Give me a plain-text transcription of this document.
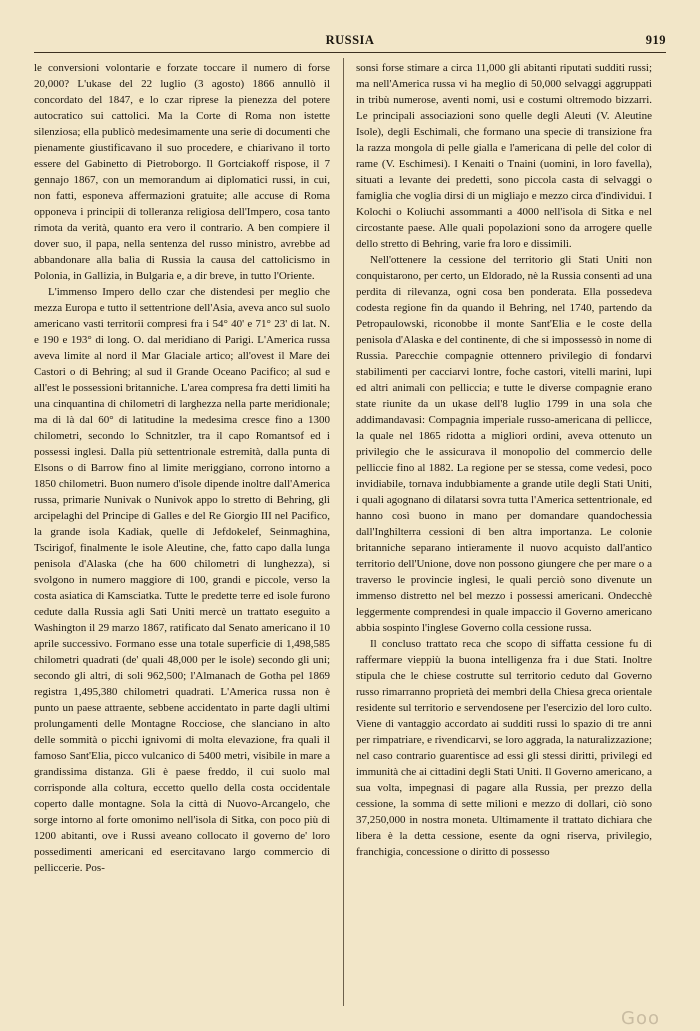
RUSSIA	919

le conversioni volontarie e forzate toccare il numero di forse 20,000? L'ukase del 22 luglio (3 agosto) 1866 annullò il concordato del 1847, e lo czar riprese la pienezza del potere autocratico sui cattolici. Ma la Corte di Roma non istette silenziosa; ella publicò medesimamente una serie di documenti che pienamente giustificavano il suo procedere, e chiarivano il torto essere del Gabinetto di Pietroborgo. Il Gortciakoff rispose, il 7 gennajo 1867, con un memorandum ai diplomatici russi, in cui, non fatti, esponeva affermazioni gratuite; alle accuse di Roma opponeva i principii di tolleranza religiosa dell'Impero, cosa tanto rimota da verità, quanto era vero il contrario. A ben compiere il dover suo, il papa, nella sentenza del russo ministro, avrebbe ad abbandonare alla balìa di Russia la causa del cattolicismo in Polonia, in Gallizia, in Bulgaria e, a dir breve, in tutto l'Oriente.

L'immenso Impero dello czar che distendesi per meglio che mezza Europa e tutto il settentrione dell'Asia, aveva anco sul suolo americano vasti territorii compresi fra i 54° 40' e 71° 23' di lat. N. e 190 e 193° di long. O. dal meridiano di Parigi. L'America russa aveva limite al nord il Mar Glaciale artico; all'ovest il Mare dei Castori o di Behring; al sud il Grande Oceano Pacifico; al sud e all'est le possessioni britanniche. L'area compresa fra detti limiti ha una cinquantina di chilometri di larghezza nella parte meridionale; ma di là dal 60° di latitudine la medesima cresce fino a 1300 chilometri, secondo lo Schnitzler, tra il capo Romantsof ed i possessi inglesi. Dalla più settentrionale estremità, dalla punta di Elsons o di Barrow fino al limite meriggiano, corrono intorno a 1850 chilometri. Buon numero d'isole dipende inoltre dall'America russa, primarie Nunivak o Nunivok appo lo stretto di Behring, gli arcipelaghi del Principe di Galles e del Re Giorgio III nel Pacifico, la grande isola Kadiak, quelle di Jefdokelef, Seinmaghina, Tscirigof, finalmente le isole Aleutine, che, fatto capo dalla lunga penisola d'Alaska (che ha 600 chilometri di lunghezza), si svolgono in numero maggiore di 100, grandi e piccole, verso la costa asiatica di Kamsciatka. Tutte le predette terre ed isole furono cedute dalla Russia agli Sati Uniti mercè un trattato eseguito a Washington il 29 marzo 1867, ratificato dal Senato americano il 10 aprile successivo. Formano esse una totale superficie di 1,498,585 chilometri quadrati (de' quali 48,000 per le isole) secondo gli uni; secondo gli altri, di soli 962,500; l'Almanach de Gotha pel 1869 registra 1,495,380 chilometri quadrati. L'America russa non è punto un paese attraente, sebbene accidentato in parte dagli ultimi prolungamenti delle Montagne Rocciose, che slanciano in alto delle sommità o picchi ignivomi di molta elevazione, fra quali il famoso Sant'Elia, picco vulcanico di 5400 metri, visibile in mare a grandissima distanza. Gli è paese freddo, il cui suolo mal corrisponde alla coltura, eccetto quello della costa occidentale coperto dalle montagne. Sola la città di Nuovo-Arcangelo, che sorge intorno al forte omonimo nell'isola di Sitka, con poco più di 1200 abitanti, ove i Russi aveano collocato il governo de' loro possedimenti americani ed esercitavano largo commercio di pelliccerie. Pos-

sonsi forse stimare a circa 11,000 gli abitanti riputati sudditi russi; ma nell'America russa vi ha meglio di 50,000 selvaggi aggruppati in tribù numerose, aventi nomi, usi e costumi oltremodo bizzarri. Le principali associazioni sono quelle degli Aleuti (V. Aleutine Isole), degli Eschimali, che formano una specie di transizione fra la razza mongola di pelle gialla e l'americana di pelle del color di rame (V. Eschimesi). I Kenaiti o Tnaini (uomini, in loro favella), situati a levante dei predetti, sono piccola casta di selvaggi o famiglia che voglia dirsi di un migliajo e mezzo circa d'individui. I Kolochi o Koliuchi assommanti a 4000 nell'isola di Sitka e nel circostante paese. Alle quali popolazioni sono da arrogere quelle dello stretto di Behring, varie fra loro e dissimili.

Nell'ottenere la cessione del territorio gli Stati Uniti non conquistarono, per certo, un Eldorado, nè la Russia consentì ad una perdita di rilevanza, ogni cosa ben ponderata. Ella possedeva codesta regione fin da quando il Behring, nel 1740, partendo da Petropaulowski, riconobbe il monte Sant'Elia e le coste della penisola d'Alaska e del continente, di che si impossessò in nome di Russia. Parecchie compagnie ottennero privilegio di fondarvi stabilimenti per cacciarvi lontre, foche castori, vitelli marini, lupi ed altri animali con pelliccia; e tutte le diverse compagnie erano state riunite da un ukase dell'8 luglio 1799 in una sola che addimandavasi: Compagnia imperiale russo-americana di pellicce, la quale nel 1865 ridotta a migliori ordini, aveva ottenuto un privilegio che le assicurava il monopolio del commercio delle pelliccie fino al 1882. La regione per se stessa, come vedesi, poco invidiabile, tornava indubbiamente a grande utile degli Stati Uniti, i quali agognano di dilatarsi sovra tutta l'America settentrionale, ed hanno così buono in mano per domandare quandochessia dall'Inghilterra cessioni di ben altra importanza. Le colonie britanniche separano intieramente il nuovo acquisto dall'antico territorio dell'Unione, dove non possono giungere che per mare o a traverso le provincie inglesi, le quali perciò sono divenute un immenso distretto nel bel mezzo i possessi americani. Ondecchè leggermente comprendesi in quale impaccio il Governo americano abbia sospinto l'inglese Governo colla cessione russa.

Il concluso trattato reca che scopo di siffatta cessione fu di raffermare vieppiù la buona intelligenza fra i due Stati. Inoltre stipula che le chiese costrutte sul territorio ceduto dal Governo russo rimarranno proprietà dei membri della Chiesa greca orientale residente sul territorio e servendosene per l'esercizio del loro culto. Viene di vantaggio accordato ai sudditi russi lo spazio di tre anni per rimpatriare, e rivendicarvi, se loro aggrada, la naturalizzazione; nel caso contrario guarentisce ad essi gli stessi diritti, privilegi ed immunità che ai cittadini degli Stati Uniti. Il Governo americano, a sua volta, impegnasi di pagare alla Russia, per prezzo della cessione, la somma di sette milioni e mezzo di dollari, ciò sono 37,250,000 in nostra moneta. Ultimamente il trattato dichiara che libera è la detta cessione, esente da ogni riserva, privilegio, franchigia, concessione o diritto di possesso

Goo
